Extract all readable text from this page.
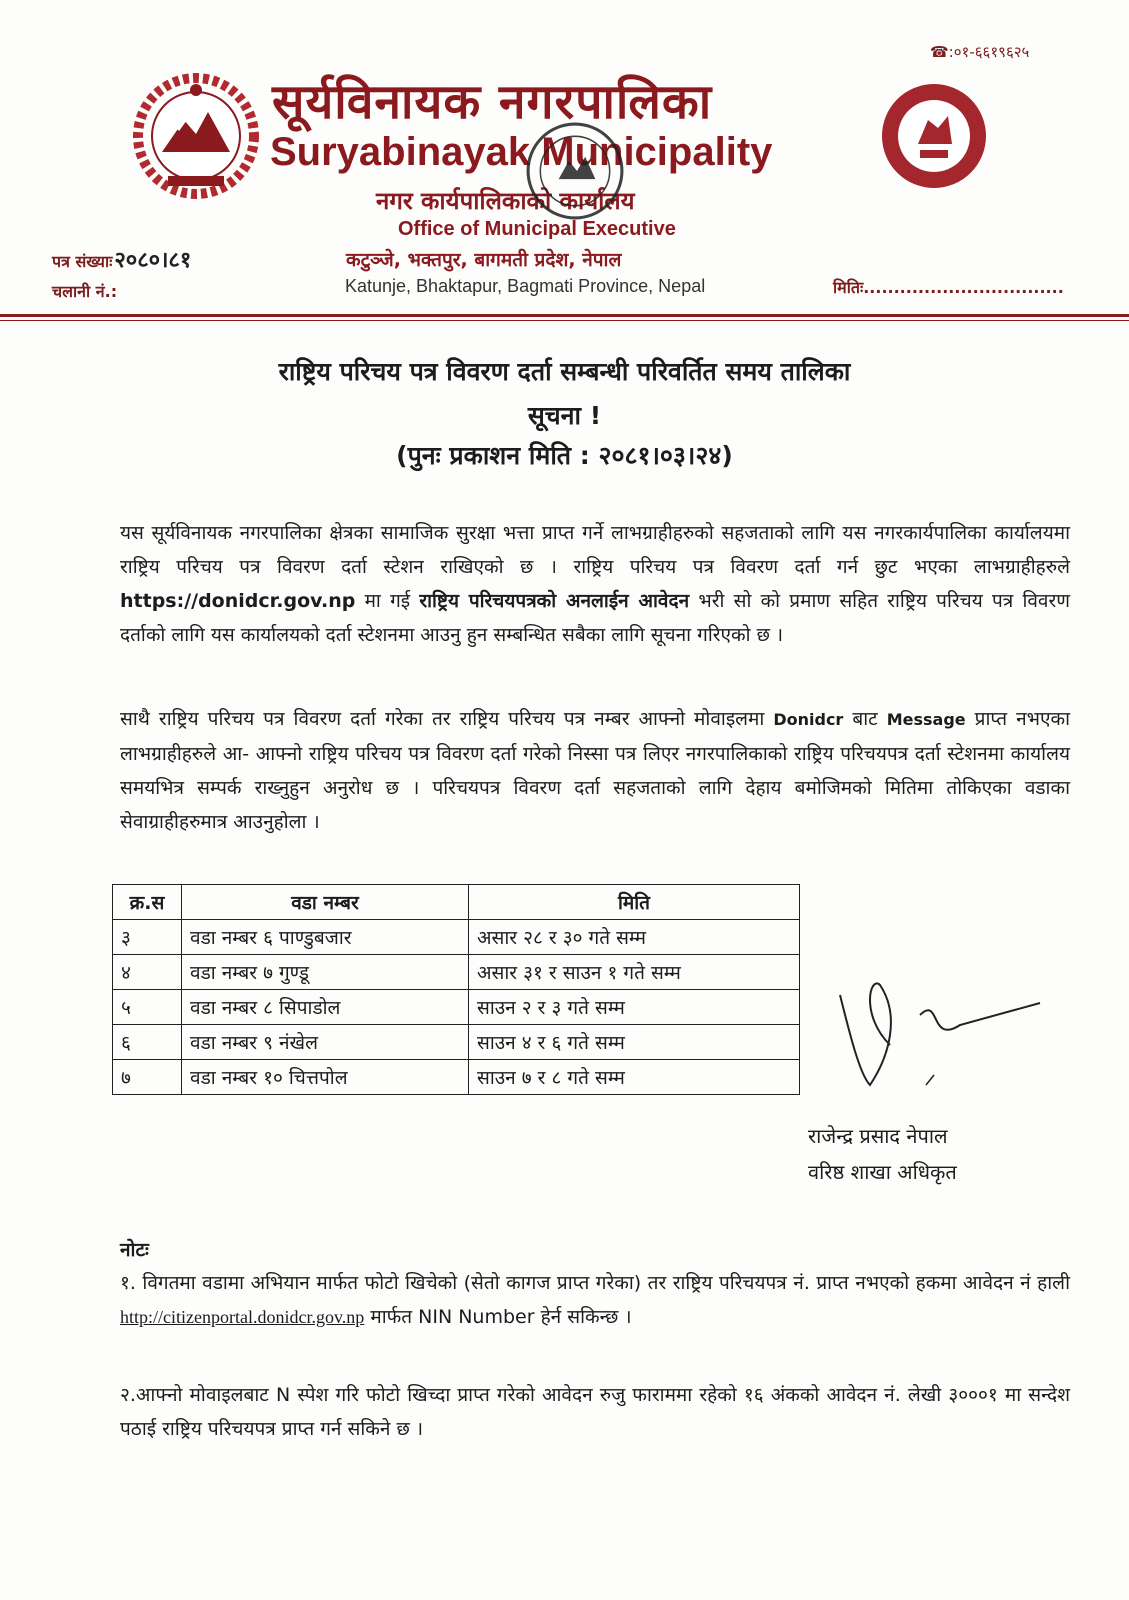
☎:०१-६६१९६२५
सूर्यविनायक नगरपालिका
Suryabinayak Municipality
नगर कार्यपालिकाको कार्यालय
Office of Municipal Executive
कटुञ्जे, भक्तपुर, बागमती प्रदेश, नेपाल
Katunje, Bhaktapur, Bagmati Province, Nepal
पत्र संख्याः२०८०।८१
चलानी नं.:	मितिः.................................
राष्ट्रिय परिचय पत्र विवरण दर्ता सम्बन्धी परिवर्तित समय तालिका
सूचना !
(पुनः प्रकाशन मिति : २०८१।०३।२४)
यस सूर्यविनायक नगरपालिका क्षेत्रका सामाजिक सुरक्षा भत्ता प्राप्त गर्ने लाभग्राहीहरुको सहजताको लागि यस नगरकार्यपालिका कार्यालयमा राष्ट्रिय परिचय पत्र विवरण दर्ता स्टेशन राखिएको छ । राष्ट्रिय परिचय पत्र विवरण दर्ता गर्न छुट भएका लाभग्राहीहरुले https://donidcr.gov.np मा गई राष्ट्रिय परिचयपत्रको अनलाईन आवेदन भरी सो को प्रमाण सहित राष्ट्रिय परिचय पत्र विवरण दर्ताको लागि यस कार्यालयको दर्ता स्टेशनमा आउनु हुन सम्बन्धित सबैका लागि सूचना गरिएको छ ।
साथै राष्ट्रिय परिचय पत्र विवरण दर्ता गरेका तर राष्ट्रिय परिचय पत्र नम्बर आफ्नो मोवाइलमा Donidcr बाट Message प्राप्त नभएका लाभग्राहीहरुले आ- आफ्नो राष्ट्रिय परिचय पत्र विवरण दर्ता गरेको निस्सा पत्र लिएर नगरपालिकाको राष्ट्रिय परिचयपत्र दर्ता स्टेशनमा कार्यालय समयभित्र सम्पर्क राख्नुहुन अनुरोध छ । परिचयपत्र विवरण दर्ता सहजताको लागि देहाय बमोजिमको मितिमा तोकिएका वडाका सेवाग्राहीहरुमात्र आउनुहोला ।
क्र.स	वडा नम्बर	मिति
३	वडा नम्बर ६ पाण्डुबजार	असार २८ र ३० गते सम्म
४	वडा नम्बर ७ गुण्डू	असार ३१ र साउन १ गते सम्म
५	वडा नम्बर ८ सिपाडोल	साउन २ र ३ गते सम्म
६	वडा नम्बर ९ नंखेल	साउन ४ र ६ गते सम्म
७	वडा नम्बर १० चित्तपोल	साउन ७ र ८ गते सम्म
राजेन्द्र प्रसाद नेपाल
वरिष्ठ शाखा अधिकृत
नोटः
१. विगतमा वडामा अभियान मार्फत फोटो खिचेको (सेतो कागज प्राप्त गरेका) तर राष्ट्रिय परिचयपत्र नं. प्राप्त नभएको हकमा आवेदन नं हाली http://citizenportal.donidcr.gov.np मार्फत NIN Number हेर्न सकिन्छ ।
२.आफ्नो मोवाइलबाट N स्पेश गरि फोटो खिच्दा प्राप्त गरेको आवेदन रुजु फाराममा रहेको १६ अंकको आवेदन नं. लेखी ३०००१ मा सन्देश पठाई राष्ट्रिय परिचयपत्र प्राप्त गर्न सकिने छ ।
